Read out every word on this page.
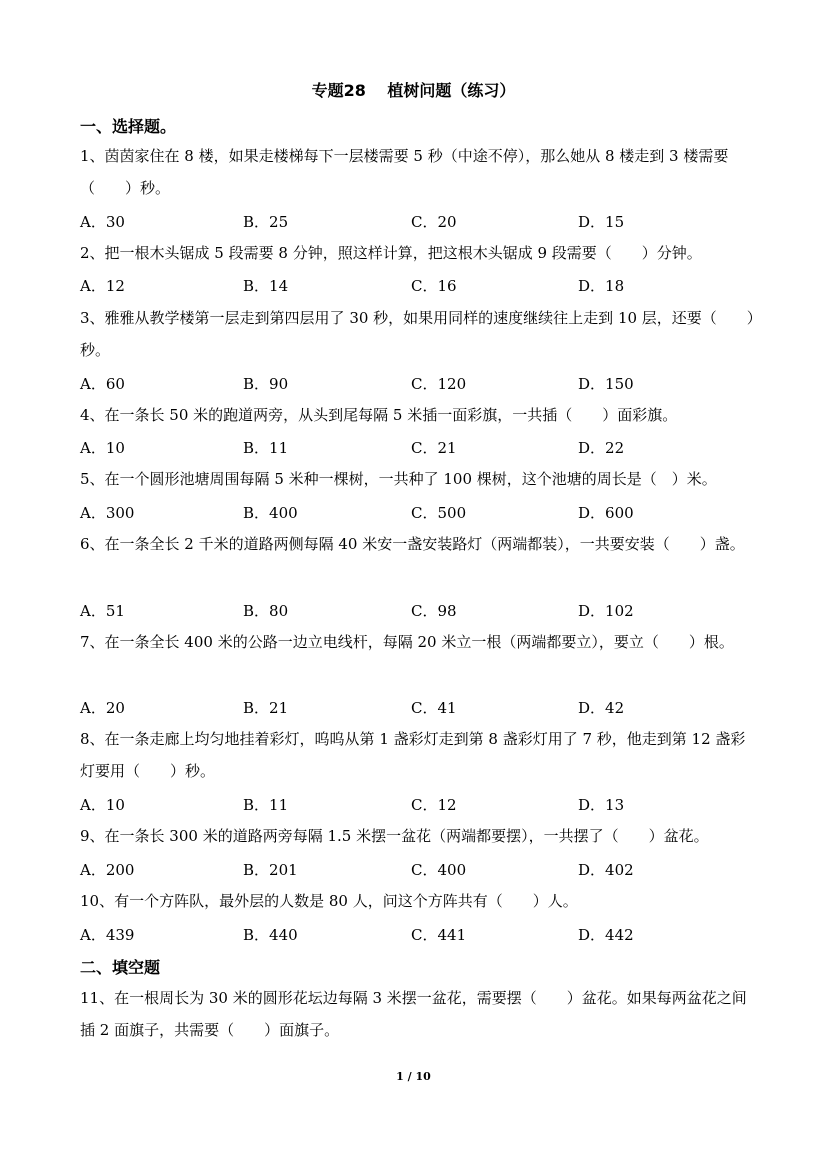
专题28　 植树问题（练习）
一、选择题。
1、茵茵家住在 8 楼，如果走楼梯每下一层楼需要 5 秒（中途不停），那么她从 8 楼走到 3 楼需要（　　）秒。
A．30	B．25	C．20	D．15
2、把一根木头锯成 5 段需要 8 分钟，照这样计算，把这根木头锯成 9 段需要（　　）分钟。
A．12	B．14	C．16	D．18
3、雅雅从教学楼第一层走到第四层用了 30 秒，如果用同样的速度继续往上走到 10 层，还要（　　）秒。
A．60	B．90	C．120	D．150
4、在一条长 50 米的跑道两旁，从头到尾每隔 5 米插一面彩旗，一共插（　　）面彩旗。
A．10	B．11	C．21	D．22
5、在一个圆形池塘周围每隔 5 米种一棵树，一共种了 100 棵树，这个池塘的周长是（　）米。
A．300	B．400	C．500	D．600
6、在一条全长 2 千米的道路两侧每隔 40 米安一盏安装路灯（两端都装），一共要安装（　　）盏。
A．51	B．80	C．98	D．102
7、在一条全长 400 米的公路一边立电线杆，每隔 20 米立一根（两端都要立），要立（　　）根。
A．20	B．21	C．41	D．42
8、在一条走廊上均匀地挂着彩灯，呜呜从第 1 盏彩灯走到第 8 盏彩灯用了 7 秒，他走到第 12 盏彩灯要用（　　）秒。
A．10	B．11	C．12	D．13
9、在一条长 300 米的道路两旁每隔 1.5 米摆一盆花（两端都要摆），一共摆了（　　）盆花。
A．200	B．201	C．400	D．402
10、有一个方阵队，最外层的人数是 80 人，问这个方阵共有（　　）人。
A．439	B．440	C．441	D．442
二、填空题
11、在一根周长为 30 米的圆形花坛边每隔 3 米摆一盆花，需要摆（　　）盆花。如果每两盆花之间插 2 面旗子，共需要（　　）面旗子。
1 / 10
